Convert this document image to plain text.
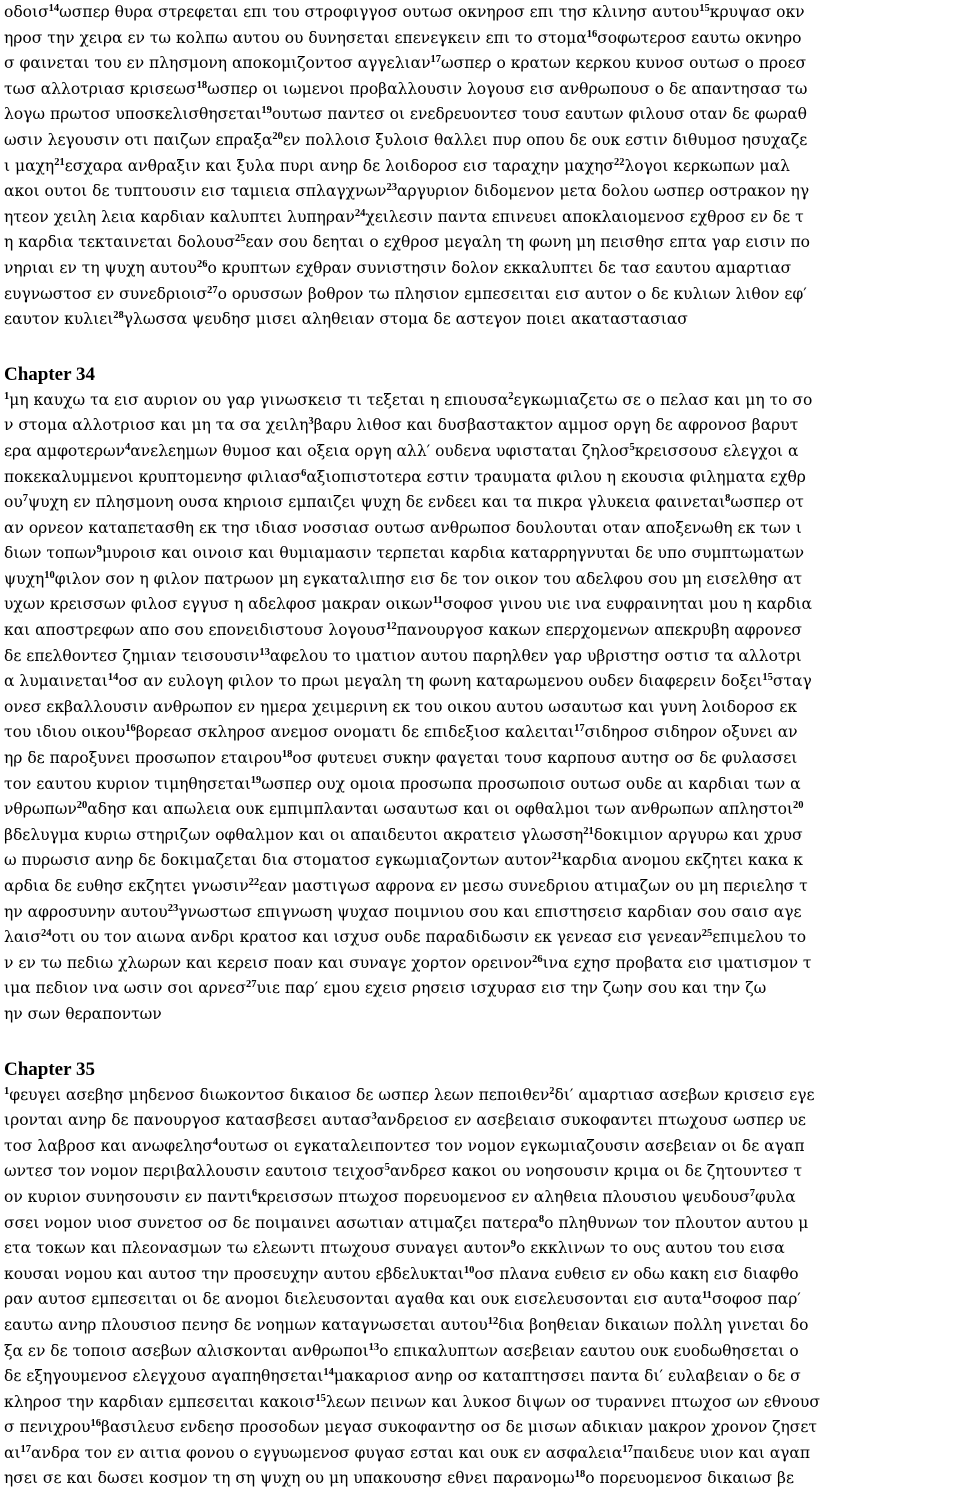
οδοισ$^{14}$ωσπερ θυρα στρεφεται επι του στροφιγγοσ ουτωσ οκνηροσ επι τησ κλινησ αυτου$^{15}$κρυψασ οκν
ηροσ την χειρα εν τω κολπω αυτου ου δυνησεται επενεγκειν επι το στομα$^{16}$σοφωτεροσ εαυτω οκνηρο
σ φαινεται του εν πλησμονη αποκομιζοντοσ αγγελιαν$^{17}$ωσπερ ο κρατων κερκου κυνοσ ουτωσ ο προεσ
τωσ αλλοτριασ κρισεωσ$^{18}$ωσπερ οι ιωμενοι προβαλλουσιν λογουσ εισ ανθρωπουσ ο δε απαντησασ τω
λογω πρωτοσ υποσκελισθησεται$^{19}$ουτωσ παντεσ οι ενεδρευοντεσ τουσ εαυτων φιλουσ οταν δε φωραθ
ωσιν λεγουσιν οτι παιζων επραξα$^{20}$εν πολλοισ ξυλοισ θαλλει πυρ οπου δε ουκ εστιν διθυμοσ ησυχαζε
ι μαχη$^{21}$εσχαρα ανθραξιν και ξυλα πυρι ανηρ δε λοιδοροσ εισ ταραχην μαχησ$^{22}$λογοι κερκωπων μαλ
ακοι ουτοι δε τυπτουσιν εισ ταμιεια σπλαγχνων$^{23}$αργυριον διδομενον μετα δολου ωσπερ οστρακον ηγ
ητεον χειλη λεια καρδιαν καλυπτει λυπηραν$^{24}$χειλεσιν παντα επινευει αποκλαιομενοσ εχθροσ εν δε τ
η καρδια τεκταινεται δολουσ$^{25}$εαν σου δεηται ο εχθροσ μεγαλη τη φωνη μη πεισθησ επτα γαρ εισιν πο
νηριαι εν τη ψυχη αυτου$^{26}$ο κρυπτων εχθραν συνιστησιν δολον εκκαλυπτει δε τασ εαυτου αμαρτιασ
ευγνωστοσ εν συνεδριοισ$^{27}$ο ορυσσων βοθρον τω πλησιον εμπεσειται εισ αυτον ο δε κυλιων λιθον εφ′
εαυτον κυλιει$^{28}$γλωσσα ψευδησ μισει αληθειαν στομα δε αστεγον ποιει ακαταστασιασ
Chapter 34
$^1$μη καυχω τα εισ αυριον ου γαρ γινωσκεισ τι τεξεται η επιουσα$^2$εγκωμιαζετω σε ο πελασ και μη το σο
ν στομα αλλοτριοσ και μη τα σα χειλη$^3$βαρυ λιθοσ και δυσβαστακτον αμμοσ οργη δε αφρονοσ βαρυτ
ερα αμφοτερων$^4$ανελεημων θυμοσ και οξεια οργη αλλ′ ουδενα υφισταται ζηλοσ$^5$κρεισσουσ ελεγχοι α
ποκεκαλυμμενοι κρυπτομενησ φιλιασ$^6$αξιοπιστοτερα εστιν τραυματα φιλου η εκουσια φιληματα εχθρ
$o\upsilon^7\psi\upsilon\chi\eta$ εν πλησμονη ουσα κηριοισ εμπαιζει ψυχη δε ενδεει και τα πικρα γλυκεια φαινεται$^8$ωσπερ οτ
αν ορνεον καταπετασθη εκ τησ ιδιασ νοσσιασ ουτωσ ανθρωποσ δουλουται οταν αποξενωθη εκ των ι
διων τοπων$^9$μυροισ και οινοισ και θυμιαμασιν τερπεται καρδια καταρρηγνυται δε υπο συμπτωματων
ψυχη$^{10}$φιλον σον η φιλον πατρωον μη εγκαταλιπησ εισ δε τον οικον του αδελφου σου μη εισελθησ ατ
υχων κρεισσων φιλοσ εγγυσ η αδελφοσ μακραν οικων$^{11}$σοφοσ γινου υιε ινα ευφραινηται μου η καρδια
και αποστρεφων απο σου επονειδιστουσ λογουσ$^{12}$πανουργοσ κακων επερχομενων απεκρυβη αφρονεσ
δε επελθοντεσ ζημιαν τεισουσιν$^{13}$αφελου το ιματιον αυτου παρηλθεν γαρ υβριστησ οστισ τα αλλοτρι
α λυμαινεται$^{14}$οσ αν ευλογη φιλον το πρωι μεγαλη τη φωνη καταρωμενου ουδεν διαφερειν δοξει$^{15}$σταγ
ονεσ εκβαλλουσιν ανθρωπον εν ημερα χειμερινη εκ του οικου αυτου ωσαυτωσ και γυνη λοιδοροσ εκ
του ιδιου οικου$^{16}$βορεασ σκληροσ ανεμοσ ονοματι δε επιδεξιοσ καλειται$^{17}$σιδηροσ σιδηρον οξυνει αν
ηρ δε παροξυνει προσωπον εταιρου$^{18}$οσ φυτευει συκην φαγεται τουσ καρπουσ αυτησ οσ δε φυλασσει
τον εαυτου κυριον τιμηθησεται$^{19}$ωσπερ ουχ ομοια προσωπα προσωποισ ουτωσ ουδε αι καρδιαι των α
νθρωπων$^{20}$αδησ και απωλεια ουκ εμπιμπλανται ωσαυτωσ και οι οφθαλμοι των ανθρωπων απληστοι$^{20}$
βδελυγμα κυριω στηριζων οφθαλμον και οι απαιδευτοι ακρατεισ γλωσση$^{21}$δοκιμιον αργυρω και χρυσ
ω πυρωσισ ανηρ δε δοκιμαζεται δια στοματοσ εγκωμιαζοντων αυτον$^{21}$καρδια ανομου εκζητει κακα κ
αρδια δε ευθησ εκζητει γνωσιν$^{22}$εαν μαστιγωσ αφρονα εν μεσω συνεδριου ατιμαζων ου μη περιελησ τ
ην αφροσυνην αυτου$^{23}$γνωστωσ επιγνωση ψυχασ ποιμνιου σου και επιστησεισ καρδιαν σου σαισ αγε
λαισ$^{24}$οτι ου τον αιωνα ανδρι κρατοσ και ισχυσ ουδε παραδιδωσιν εκ γενεασ εισ γενεαν$^{25}$επιμελου το
ν εν τω πεδιω χλωρων και κερεισ ποαν και συναγε χορτον ορεινον$^{26}$ινα εχησ προβατα εισ ιματισμον τ
ιμα πεδιον ινα ωσιν σοι αρνεσ$^{27}$υιε παρ′ εμου εχεισ ρησεισ ισχυρασ εισ την ζωην σου και την ζω
ην σων θεραποντων
Chapter 35
$^1$φευγει ασεβησ μηδενοσ διωκοντοσ δικαιοσ δε ωσπερ λεων πεποιθεν$^2$δι′ αμαρτιασ ασεβων κρισεισ εγε
ιρονται ανηρ δε πανουργοσ κατασβεσει αυτασ$^3$ανδρειοσ εν ασεβειαισ συκοφαντει πτωχουσ ωσπερ υε
τοσ λαβροσ και ανωφελησ$^4$ουτωσ οι εγκαταλειποντεσ τον νομον εγκωμιαζουσιν ασεβειαν οι δε αγαπ
ωντεσ τον νομον περιβαλλουσιν εαυτοισ τειχοσ$^5$ανδρεσ κακοι ου νοησουσιν κριμα οι δε ζητουντεσ τ
ον κυριον συνησουσιν εν παντι$^6$κρεισσων πτωχοσ πορευομενοσ εν αληθεια πλουσιου ψευδουσ$^7$φυλα
σσει νομον υιοσ συνετοσ οσ δε ποιμαινει ασωτιαν ατιμαζει πατερα$^8$ο πληθυνων τον πλουτον αυτου μ
ετα τοκων και πλεονασμων τω ελεωντι πτωχουσ συναγει αυτον$^9$ο εκκλινων το ους αυτου του εισα
κουσαι νομου και αυτοσ την προσευχην αυτου εβδελυκται$^{10}$οσ πλανα ευθεισ εν οδω κακη εισ διαφθο
ραν αυτοσ εμπεσειται οι δε ανομοι διελευσονται αγαθα και ουκ εισελευσονται εισ αυτα$^{11}$σοφοσ παρ′
εαυτω ανηρ πλουσιοσ πενησ δε νοημων καταγνωσεται αυτου$^{12}$δια βοηθειαν δικαιων πολλη γινεται δο
ξα εν δε τοποισ ασεβων αλισκονται ανθρωποι$^{13}$ο επικαλυπτων ασεβειαν εαυτου ουκ ευοδωθησεται ο
δε εξηγουμενοσ ελεγχουσ αγαπηθησεται$^{14}$μακαριοσ ανηρ οσ καταπτησσει παντα δι′ ευλαβειαν ο δε σ
κληροσ την καρδιαν εμπεσειται κακοισ$^{15}$λεων πεινων και λυκοσ διψων οσ τυραννει πτωχοσ ων εθνουσ
σ πενιχρου$^{16}$βασιλευσ ενδεησ προσοδων μεγασ συκοφαντησ οσ δε μισων αδικιαν μακρον χρονον ζησετ
$\alpha\iota^{17}\alpha\nu\delta\rho\alpha$ τον εν αιτια φονου ο εγγυωμενοσ φυγασ εσται και ουκ εν ασφαλεια$^{17}$παιδευε υιον και αγαπ
ησει σε και δωσει κοσμον τη ση ψυχη ου μη υπακουσησ εθνει παρανομω$^{18}$ο πορευομενοσ δικαιωσ βε
